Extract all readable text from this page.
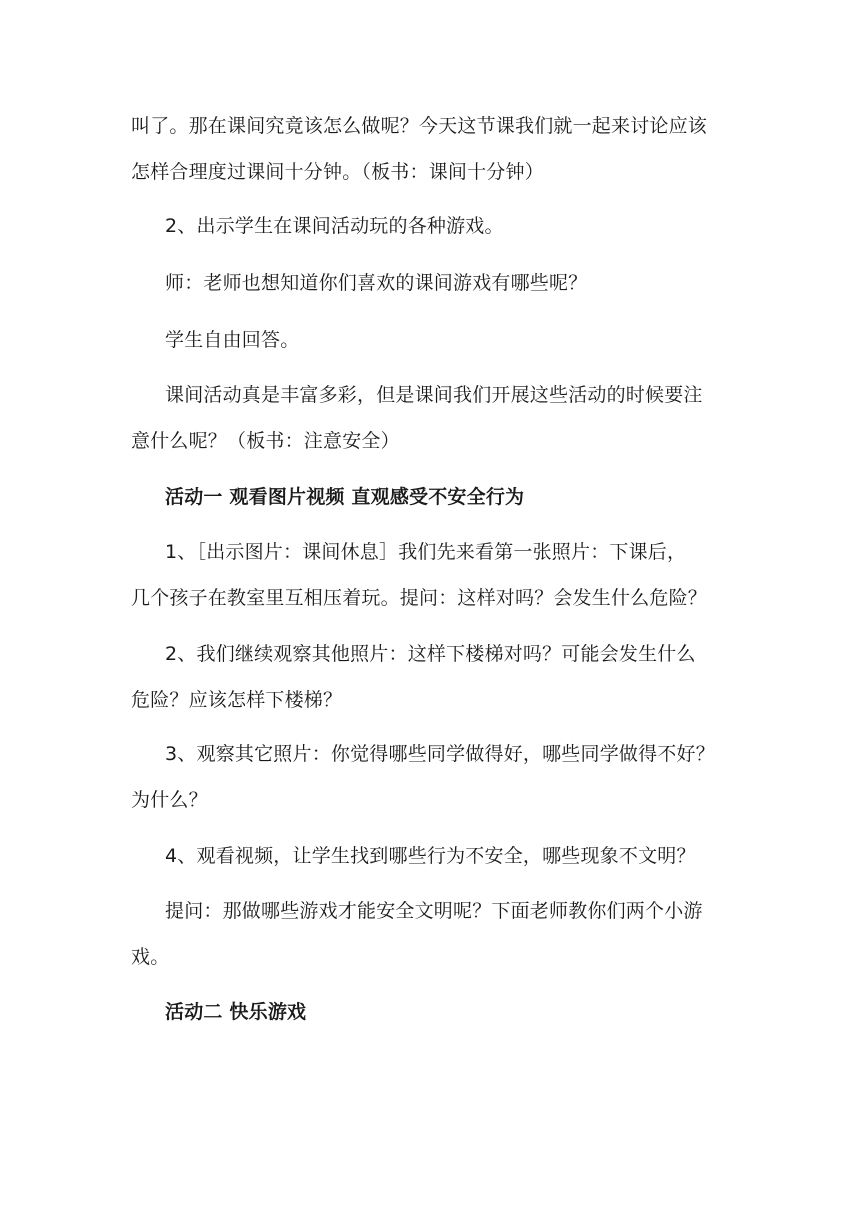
叫了。那在课间究竟该怎么做呢？今天这节课我们就一起来讨论应该
怎样合理度过课间十分钟。（板书：课间十分钟）
2、出示学生在课间活动玩的各种游戏。
师：老师也想知道你们喜欢的课间游戏有哪些呢？
学生自由回答。
课间活动真是丰富多彩，但是课间我们开展这些活动的时候要注
意什么呢？（板书：注意安全）
活动一 观看图片视频 直观感受不安全行为
1、［出示图片：课间休息］我们先来看第一张照片：下课后，
几个孩子在教室里互相压着玩。提问：这样对吗？会发生什么危险？
2、我们继续观察其他照片：这样下楼梯对吗？可能会发生什么
危险？应该怎样下楼梯？
3、观察其它照片：你觉得哪些同学做得好，哪些同学做得不好？
为什么？
4、观看视频，让学生找到哪些行为不安全，哪些现象不文明？
提问：那做哪些游戏才能安全文明呢？下面老师教你们两个小游
戏。
活动二 快乐游戏
